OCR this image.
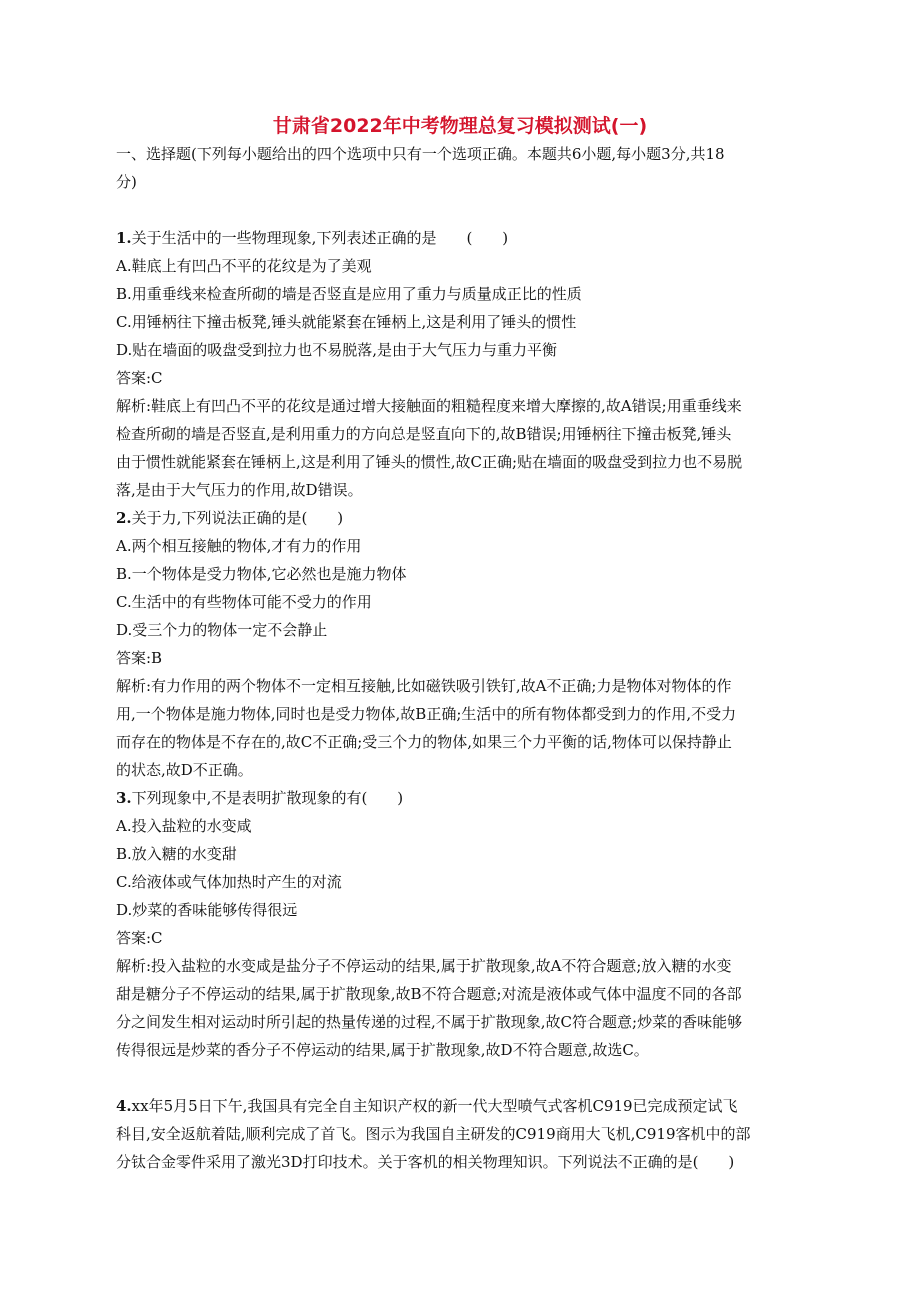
甘肃省2022年中考物理总复习模拟测试(一)
一、选择题(下列每小题给出的四个选项中只有一个选项正确。本题共6小题,每小题3分,共18
分)
1.关于生活中的一些物理现象,下列表述正确的是　　(　　)
A.鞋底上有凹凸不平的花纹是为了美观
B.用重垂线来检查所砌的墙是否竖直是应用了重力与质量成正比的性质
C.用锤柄往下撞击板凳,锤头就能紧套在锤柄上,这是利用了锤头的惯性
D.贴在墙面的吸盘受到拉力也不易脱落,是由于大气压力与重力平衡
答案:C
解析:鞋底上有凹凸不平的花纹是通过增大接触面的粗糙程度来增大摩擦的,故A错误;用重垂线来
检查所砌的墙是否竖直,是利用重力的方向总是竖直向下的,故B错误;用锤柄往下撞击板凳,锤头
由于惯性就能紧套在锤柄上,这是利用了锤头的惯性,故C正确;贴在墙面的吸盘受到拉力也不易脱
落,是由于大气压力的作用,故D错误。
2.关于力,下列说法正确的是(　　)
A.两个相互接触的物体,才有力的作用
B.一个物体是受力物体,它必然也是施力物体
C.生活中的有些物体可能不受力的作用
D.受三个力的物体一定不会静止
答案:B
解析:有力作用的两个物体不一定相互接触,比如磁铁吸引铁钉,故A不正确;力是物体对物体的作
用,一个物体是施力物体,同时也是受力物体,故B正确;生活中的所有物体都受到力的作用,不受力
而存在的物体是不存在的,故C不正确;受三个力的物体,如果三个力平衡的话,物体可以保持静止
的状态,故D不正确。
3.下列现象中,不是表明扩散现象的有(　　)
A.投入盐粒的水变咸
B.放入糖的水变甜
C.给液体或气体加热时产生的对流
D.炒菜的香味能够传得很远
答案:C
解析:投入盐粒的水变咸是盐分子不停运动的结果,属于扩散现象,故A不符合题意;放入糖的水变
甜是糖分子不停运动的结果,属于扩散现象,故B不符合题意;对流是液体或气体中温度不同的各部
分之间发生相对运动时所引起的热量传递的过程,不属于扩散现象,故C符合题意;炒菜的香味能够
传得很远是炒菜的香分子不停运动的结果,属于扩散现象,故D不符合题意,故选C。
4.xx年5月5日下午,我国具有完全自主知识产权的新一代大型喷气式客机C919已完成预定试飞
科目,安全返航着陆,顺利完成了首飞。图示为我国自主研发的C919商用大飞机,C919客机中的部
分钛合金零件采用了激光3D打印技术。关于客机的相关物理知识。下列说法不正确的是(　　)
